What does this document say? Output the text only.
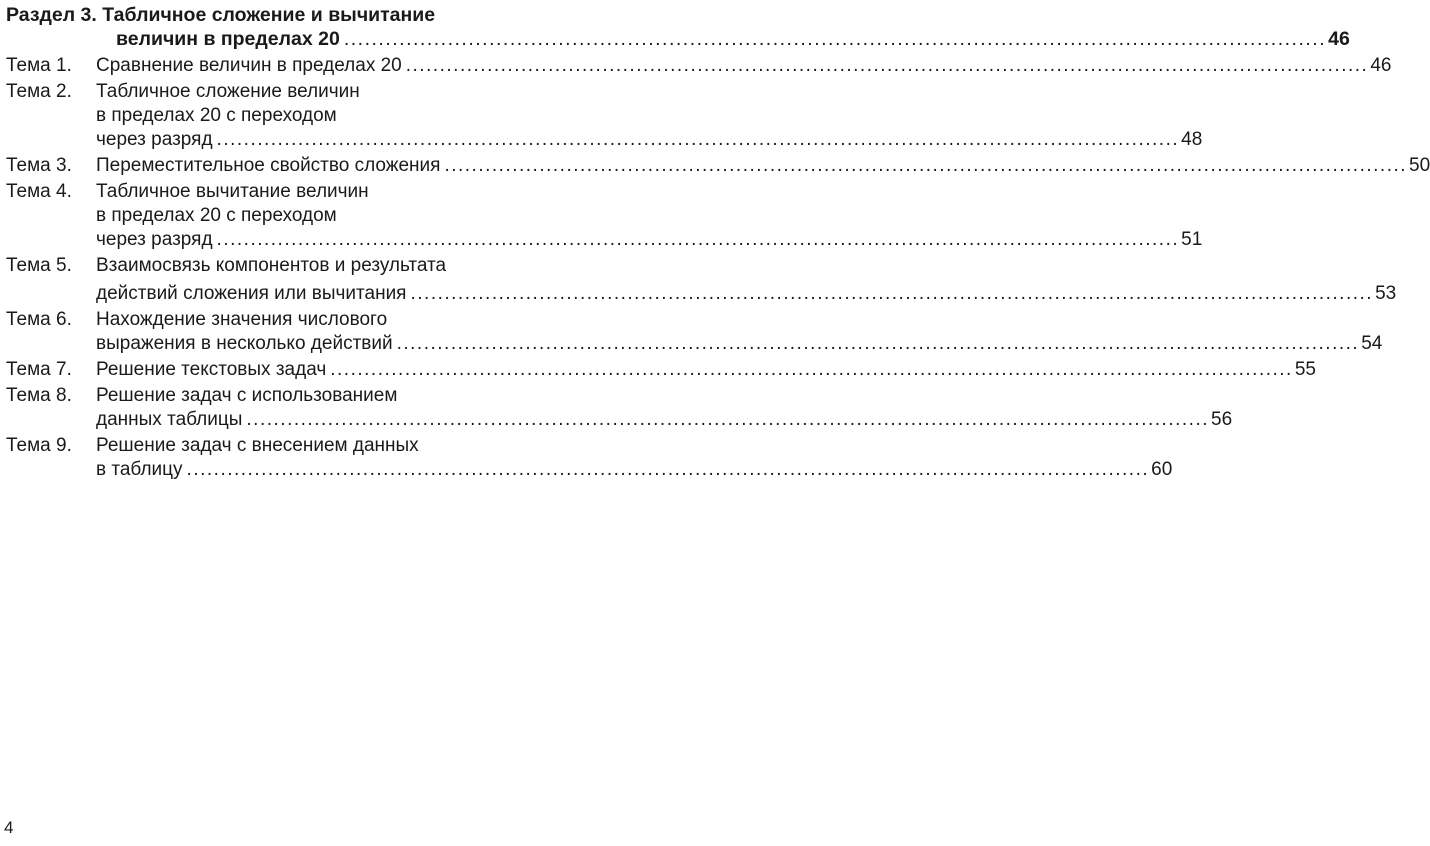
Раздел 3. Табличное сложение и вычитание
величин в пределах 20 .....	46
Тема 1.	Сравнение величин в пределах 20 .....	46
Тема 2.	Табличное сложение величин
в пределах 20 с переходом
через разряд .....	48
Тема 3.	Переместительное свойство сложения .....	50
Тема 4.	Табличное вычитание величин
в пределах 20 с переходом
через разряд .....	51
Тема 5.	Взаимосвязь компонентов и результата
действий сложения или вычитания .....	53
Тема 6.	Нахождение значения числового
выражения в несколько действий .....	54
Тема 7.	Решение текстовых задач .....	55
Тема 8.	Решение задач с использованием
данных таблицы .....	56
Тема 9.	Решение задач с внесением данных
в таблицу .....	60
4
